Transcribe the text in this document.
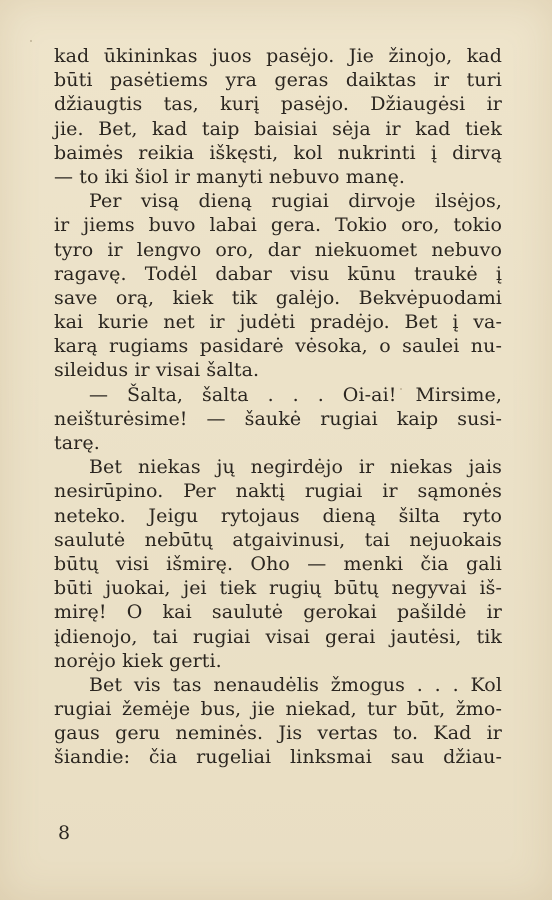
kad ūkininkas juos pasėjo. Jie žinojo, kad
būti pasėtiems yra geras daiktas ir turi
džiaugtis tas, kurį pasėjo. Džiaugėsi ir
jie. Bet, kad taip baisiai sėja ir kad tiek
baimės reikia iškęsti, kol nukrinti į dirvą
— to iki šiol ir manyti nebuvo manę.
Per visą dieną rugiai dirvoje ilsėjos,
ir jiems buvo labai gera. Tokio oro, tokio
tyro ir lengvo oro, dar niekuomet nebuvo
ragavę. Todėl dabar visu kūnu traukė į
save orą, kiek tik galėjo. Bekvėpuodami
kai kurie net ir judėti pradėjo. Bet į va-
karą rugiams pasidarė vėsoka, o saulei nu-
sileidus ir visai šalta.
— Šalta, šalta . . . Oi-ai! Mirsime,
neišturėsime! — šaukė rugiai kaip susi-
tarę.
Bet niekas jų negirdėjo ir niekas jais
nesirūpino. Per naktį rugiai ir sąmonės
neteko. Jeigu rytojaus dieną šilta ryto
saulutė nebūtų atgaivinusi, tai nejuokais
būtų visi išmirę. Oho — menki čia gali
būti juokai, jei tiek rugių būtų negyvai iš-
mirę! O kai saulutė gerokai pašildė ir
įdienojo, tai rugiai visai gerai jautėsi, tik
norėjo kiek gerti.
Bet vis tas nenaudėlis žmogus . . . Kol
rugiai žemėje bus, jie niekad, tur būt, žmo-
gaus geru neminės. Jis vertas to. Kad ir
šiandie: čia rugeliai linksmai sau džiau-
8
